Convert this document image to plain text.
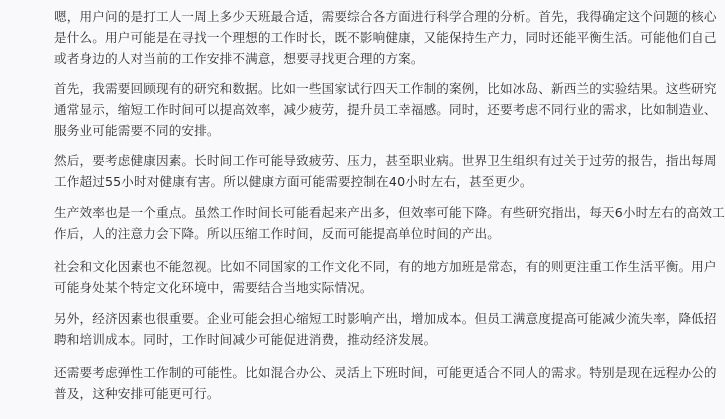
嗯，用户问的是打工人一周上多少天班最合适，需要综合各方面进行科学合理的分析。首先，我得确定这个问题的核心
是什么。用户可能是在寻找一个理想的工作时长，既不影响健康，又能保持生产力，同时还能平衡生活。可能他们自己
或者身边的人对当前的工作安排不满意，想要寻找更合理的方案。

首先，我需要回顾现有的研究和数据。比如一些国家试行四天工作制的案例，比如冰岛、新西兰的实验结果。这些研究
通常显示，缩短工作时间可以提高效率，减少疲劳，提升员工幸福感。同时，还要考虑不同行业的需求，比如制造业、
服务业可能需要不同的安排。

然后，要考虑健康因素。长时间工作可能导致疲劳、压力，甚至职业病。世界卫生组织有过关于过劳的报告，指出每周
工作超过55小时对健康有害。所以健康方面可能需要控制在40小时左右，甚至更少。

生产效率也是一个重点。虽然工作时间长可能看起来产出多，但效率可能下降。有些研究指出，每天6小时左右的高效工
作后，人的注意力会下降。所以压缩工作时间，反而可能提高单位时间的产出。

社会和文化因素也不能忽视。比如不同国家的工作文化不同，有的地方加班是常态，有的则更注重工作生活平衡。用户
可能身处某个特定文化环境中，需要结合当地实际情况。

另外，经济因素也很重要。企业可能会担心缩短工时影响产出，增加成本。但员工满意度提高可能减少流失率，降低招
聘和培训成本。同时，工作时间减少可能促进消费，推动经济发展。

还需要考虑弹性工作制的可能性。比如混合办公、灵活上下班时间，可能更适合不同人的需求。特别是现在远程办公的
普及，这种安排可能更可行。
